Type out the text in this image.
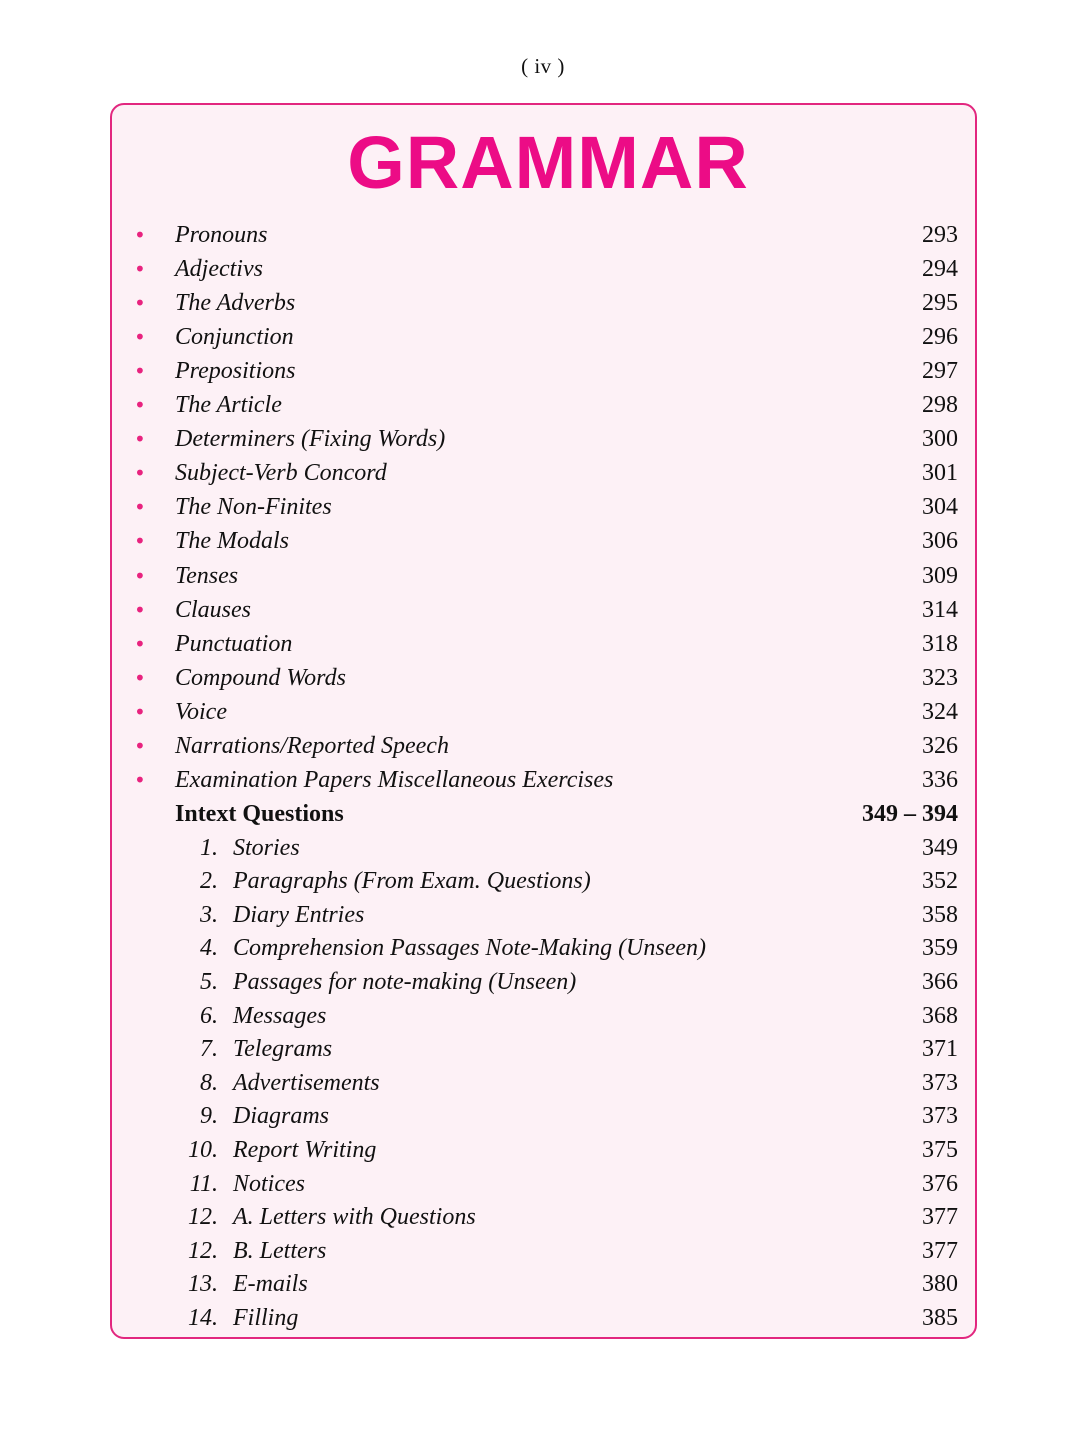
( iv )
GRAMMAR
• Pronouns	293
• Adjectivs	294
• The Adverbs	295
• Conjunction	296
• Prepositions	297
• The Article	298
• Determiners (Fixing Words)	300
• Subject-Verb Concord	301
• The Non-Finites	304
• The Modals	306
• Tenses	309
• Clauses	314
• Punctuation	318
• Compound Words	323
• Voice	324
• Narrations/Reported Speech	326
• Examination Papers Miscellaneous Exercises	336
Intext Questions	349 – 394
1. Stories	349
2. Paragraphs (From Exam. Questions)	352
3. Diary Entries	358
4. Comprehension Passages Note-Making (Unseen)	359
5. Passages for note-making (Unseen)	366
6. Messages	368
7. Telegrams	371
8. Advertisements	373
9. Diagrams	373
10. Report Writing	375
11. Notices	376
12. A. Letters with Questions	377
12. B. Letters	377
13. E-mails	380
14. Filling	385
